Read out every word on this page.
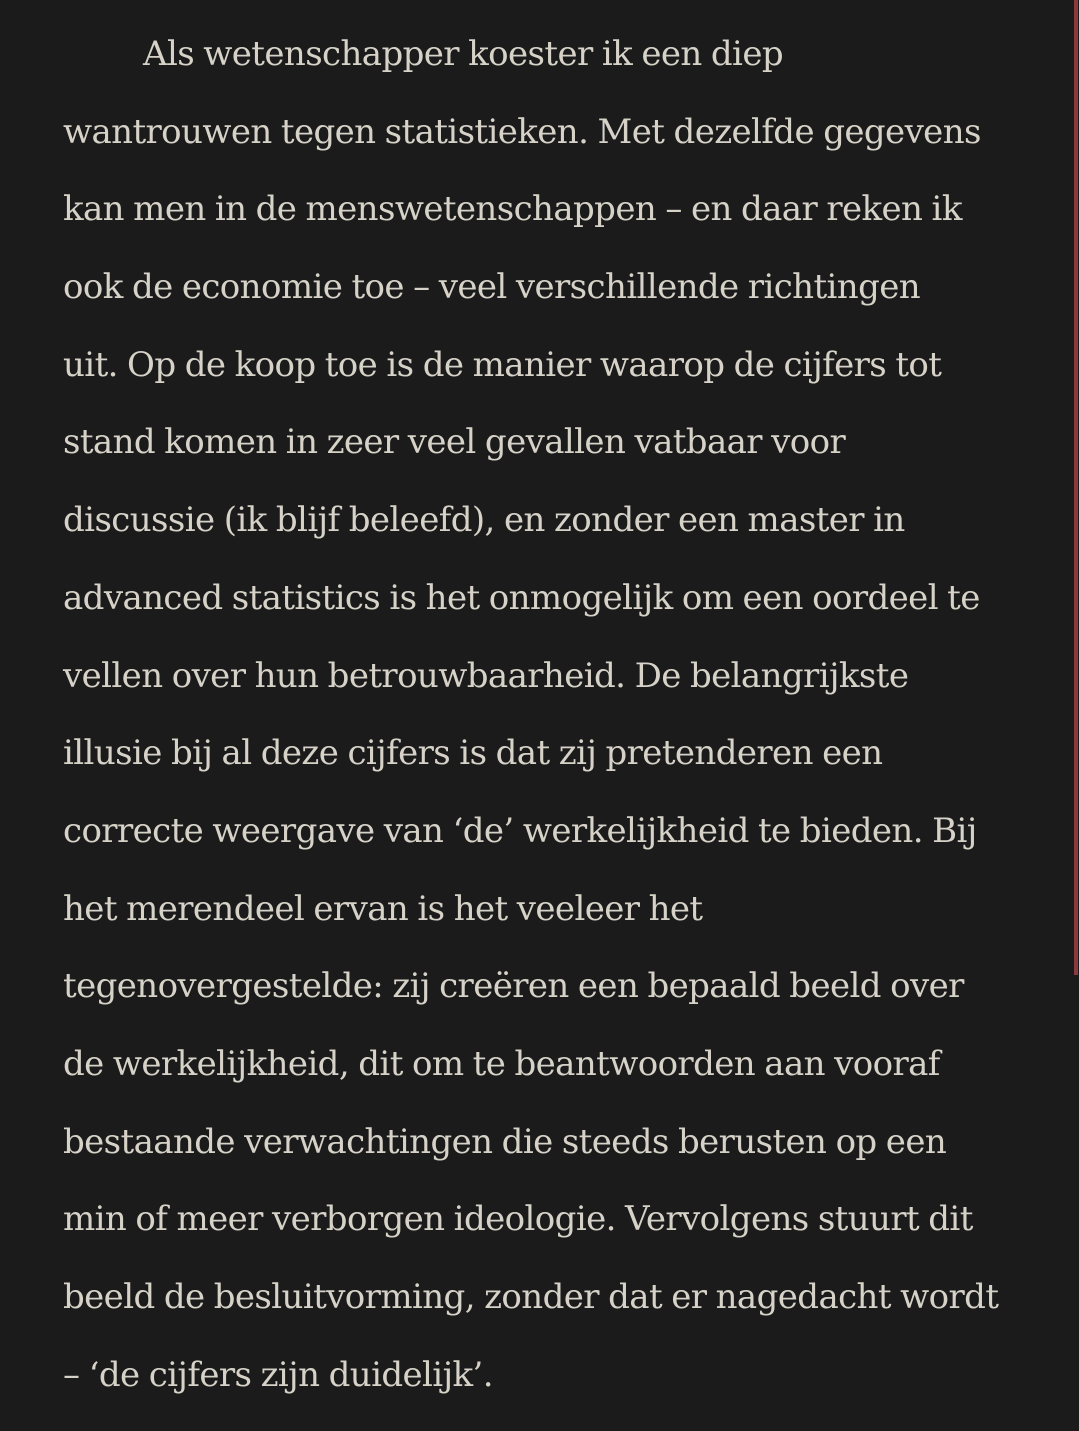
Als wetenschapper koester ik een diep
wantrouwen tegen statistieken. Met dezelfde gegevens
kan men in de menswetenschappen – en daar reken ik
ook de economie toe – veel verschillende richtingen
uit. Op de koop toe is de manier waarop de cijfers tot
stand komen in zeer veel gevallen vatbaar voor
discussie (ik blijf beleefd), en zonder een master in
advanced statistics is het onmogelijk om een oordeel te
vellen over hun betrouwbaarheid. De belangrijkste
illusie bij al deze cijfers is dat zij pretenderen een
correcte weergave van ‘de’ werkelijkheid te bieden. Bij
het merendeel ervan is het veeleer het
tegenovergestelde: zij creëren een bepaald beeld over
de werkelijkheid, dit om te beantwoorden aan vooraf
bestaande verwachtingen die steeds berusten op een
min of meer verborgen ideologie. Vervolgens stuurt dit
beeld de besluitvorming, zonder dat er nagedacht wordt
– ‘de cijfers zijn duidelijk’.
